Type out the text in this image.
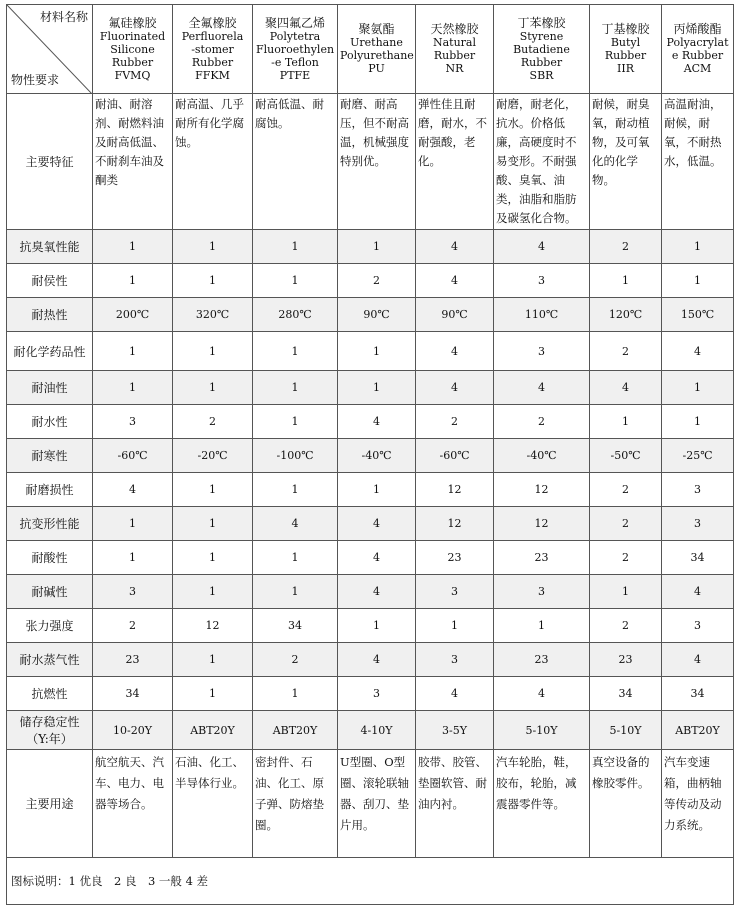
材料名称
物性要求	氟硅橡胶
Fluorinated
Silicone
Rubber
FVMQ	全氟橡胶
Perfluorela
-stomer
Rubber
FFKM	聚四氟乙烯
Polytetra
Fluoroethylen
-e Teflon
PTFE	聚氨酯
Urethane
Polyurethane
PU	天然橡胶
Natural
Rubber
NR	丁苯橡胶
Styrene
Butadiene
Rubber
SBR	丁基橡胶
Butyl
Rubber
IIR	丙烯酸酯
Polyacrylat
e Rubber
ACM

主要特征	耐油、耐溶剂、耐燃料油及耐高低温、不耐刹车油及酮类	耐高温、几乎耐所有化学腐蚀。	耐高低温、耐腐蚀。	耐磨、耐高压，但不耐高温，机械强度特别优。	弹性佳且耐磨，耐水，不耐强酸，老化。	耐磨，耐老化，抗水。价格低廉，高硬度时不易变形。不耐强酸、臭氧、油类，油脂和脂肪及碳氢化合物。	耐候，耐臭氧，耐动植物，及可氧化的化学物。	高温耐油，耐候，耐氧，不耐热水，低温。
抗臭氧性能	1	1	1	1	4	4	2	1
耐侯性	1	1	1	2	4	3	1	1
耐热性	200℃	320℃	280℃	90℃	90℃	110℃	120℃	150℃
耐化学药品性	1	1	1	1	4	3	2	4
耐油性	1	1	1	1	4	4	4	1
耐水性	3	2	1	4	2	2	1	1
耐寒性	-60℃	-20℃	-100℃	-40℃	-60℃	-40℃	-50℃	-25℃
耐磨损性	4	1	1	1	12	12	2	3
抗变形性能	1	1	4	4	12	12	2	3
耐酸性	1	1	1	4	23	23	2	34
耐碱性	3	1	1	4	3	3	1	4
张力强度	2	12	34	1	1	1	2	3
耐水蒸气性	23	1	2	4	3	23	23	4
抗燃性	34	1	1	3	4	4	34	34
储存稳定性（Y:年）	10-20Y	ABT20Y	ABT20Y	4-10Y	3-5Y	5-10Y	5-10Y	ABT20Y
主要用途	航空航天、汽车、电力、电器等场合。	石油、化工、半导体行业。	密封件、石油、化工、原子弹、防熔垫圈。	U型圈、O型圈、滚轮联轴器、刮刀、垫片用。	胶带、胶管、垫圈软管、耐油内衬。	汽车轮胎，鞋，胶布，轮胎，减震器零件等。	真空设备的橡胶零件。	汽车变速箱，曲柄轴等传动及动力系统。
图标说明：1 优良　2 良　3 一般 4 差								
